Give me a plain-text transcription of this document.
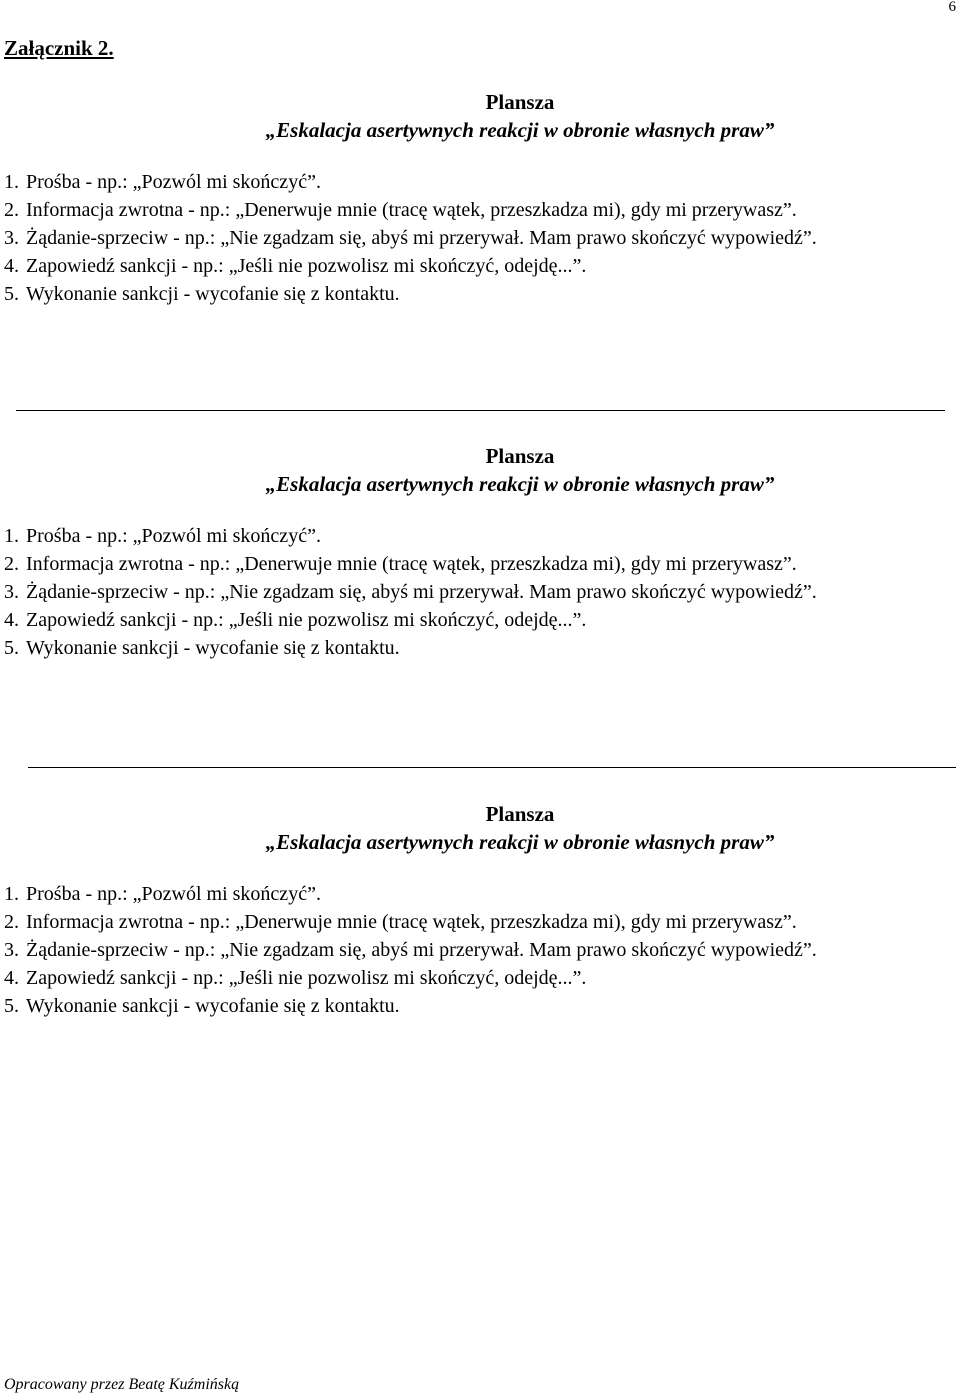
6
Załącznik 2.
Plansza
„Eskalacja asertywnych reakcji w obronie własnych praw”
1. Prośba - np.: „Pozwól mi skończyć”.
2. Informacja zwrotna - np.: „Denerwuje mnie (tracę wątek, przeszkadza mi), gdy mi przerywasz”.
3. Żądanie-sprzeciw - np.: „Nie zgadzam się, abyś mi przerywał. Mam prawo skończyć wypowiedź”.
4. Zapowiedź sankcji - np.: „Jeśli nie pozwolisz mi skończyć, odejdę...”.
5. Wykonanie sankcji - wycofanie się z kontaktu.
Plansza
„Eskalacja asertywnych reakcji w obronie własnych praw”
1. Prośba - np.: „Pozwól mi skończyć”.
2. Informacja zwrotna - np.: „Denerwuje mnie (tracę wątek, przeszkadza mi), gdy mi przerywasz”.
3. Żądanie-sprzeciw - np.: „Nie zgadzam się, abyś mi przerywał. Mam prawo skończyć wypowiedź”.
4. Zapowiedź sankcji - np.: „Jeśli nie pozwolisz mi skończyć, odejdę...”.
5. Wykonanie sankcji - wycofanie się z kontaktu.
Plansza
„Eskalacja asertywnych reakcji w obronie własnych praw”
1. Prośba - np.: „Pozwól mi skończyć”.
2. Informacja zwrotna - np.: „Denerwuje mnie (tracę wątek, przeszkadza mi), gdy mi przerywasz”.
3. Żądanie-sprzeciw - np.: „Nie zgadzam się, abyś mi przerywał. Mam prawo skończyć wypowiedź”.
4. Zapowiedź sankcji - np.: „Jeśli nie pozwolisz mi skończyć, odejdę...”.
5. Wykonanie sankcji - wycofanie się z kontaktu.
Opracowany przez Beatę Kuźmińską
